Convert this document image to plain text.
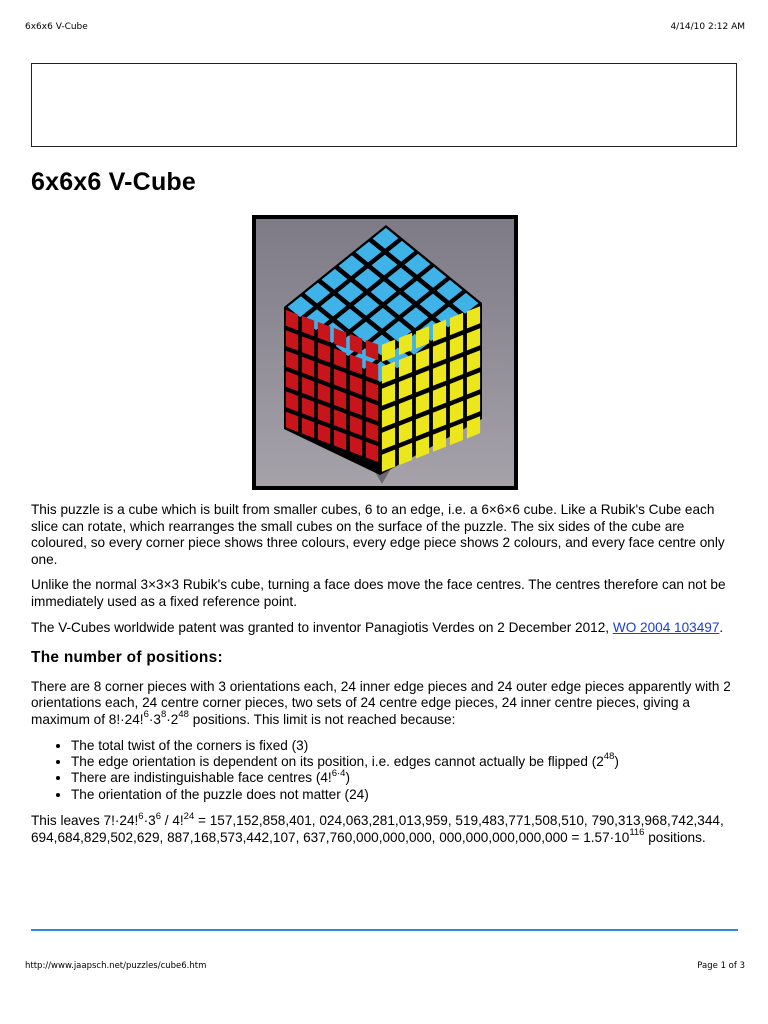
6x6x6 V-Cube	4/14/10 2:12 AM
6x6x6 V-Cube

This puzzle is a cube which is built from smaller cubes, 6 to an edge, i.e. a 6×6×6 cube. Like a Rubik's Cube each slice can rotate, which rearranges the small cubes on the surface of the puzzle. The six sides of the cube are coloured, so every corner piece shows three colours, every edge piece shows 2 colours, and every face centre only one.

Unlike the normal 3×3×3 Rubik's cube, turning a face does move the face centres. The centres therefore can not be immediately used as a fixed reference point.

The V-Cubes worldwide patent was granted to inventor Panagiotis Verdes on 2 December 2012, WO 2004 103497.

The number of positions:

There are 8 corner pieces with 3 orientations each, 24 inner edge pieces and 24 outer edge pieces apparently with 2 orientations each, 24 centre corner pieces, two sets of 24 centre edge pieces, 24 inner centre pieces, giving a maximum of $8!\cdot 24!^6\cdot 3^8\cdot 2^{48}$ positions. This limit is not reached because:

• The total twist of the corners is fixed (3)
• The edge orientation is dependent on its position, i.e. edges cannot actually be flipped $(2^{48})$
• There are indistinguishable face centres (4!$^{6\cdot 4}$)
• The orientation of the puzzle does not matter (24)

This leaves $7!\cdot 24!^6\cdot 3^6 / 4!^{24} = 157,152,858,401$, 024,063,281,013,959, 519,483,771,508,510, 790,313,968,742,344, 694,684,829,502,629, 887,168,573,442,107, 637,760,000,000,000, $000,000,000,000,000 = 1.57\cdot 10^{116}$ positions.

http://www.jaapsch.net/puzzles/cube6.htm	Page 1 of 3
